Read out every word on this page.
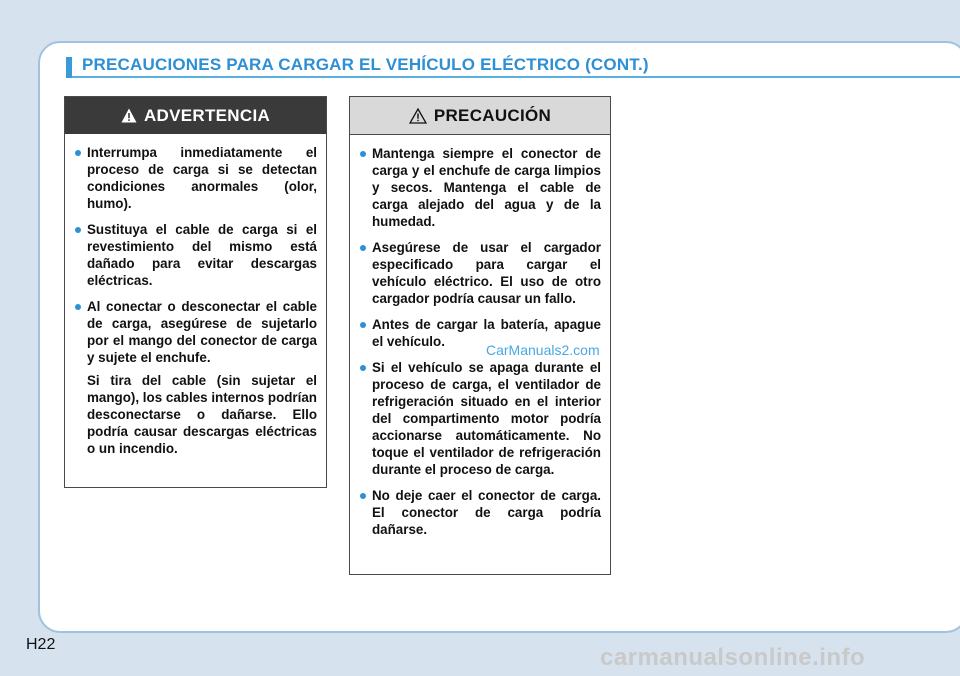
PRECAUCIONES PARA CARGAR EL VEHÍCULO ELÉCTRICO (CONT.)
ADVERTENCIA
Interrumpa inmediatamente el proceso de carga si se detectan condiciones anormales (olor, humo).
Sustituya el cable de carga si el revestimiento del mismo está dañado para evitar descargas eléctricas.
Al conectar o desconectar el cable de carga, asegúrese de sujetarlo por el mango del conector de carga y sujete el enchufe.
Si tira del cable (sin sujetar el mango), los cables internos podrían desconectarse o dañarse. Ello podría causar descargas eléctricas o un incendio.
PRECAUCIÓN
Mantenga siempre el conector de carga y el enchufe de carga limpios y secos. Mantenga el cable de carga alejado del agua y de la humedad.
Asegúrese de usar el cargador especificado para cargar el vehículo eléctrico. El uso de otro cargador podría causar un fallo.
Antes de cargar la batería, apague el vehículo.
Si el vehículo se apaga durante el proceso de carga, el ventilador de refrigeración situado en el interior del compartimento motor podría accionarse automáticamente. No toque el ventilador de refrigeración durante el proceso de carga.
No deje caer el conector de carga. El conector de carga podría dañarse.
CarManuals2.com
H22	carmanualsonline.info
